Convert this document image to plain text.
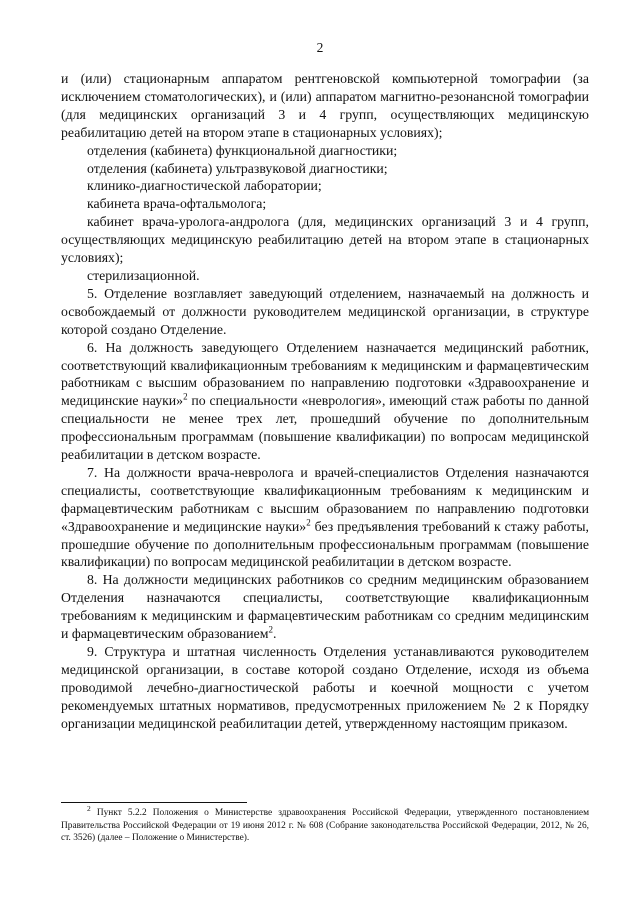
2

и (или) стационарным аппаратом рентгеновской компьютерной томографии (за исключением стоматологических), и (или) аппаратом магнитно-резонансной томографии (для медицинских организаций 3 и 4 групп, осуществляющих медицинскую реабилитацию детей на втором этапе в стационарных условиях);

отделения (кабинета) функциональной диагностики;

отделения (кабинета) ультразвуковой диагностики;

клинико-диагностической лаборатории;

кабинета врача-офтальмолога;

кабинет врача-уролога-андролога (для, медицинских организаций 3 и 4 групп, осуществляющих медицинскую реабилитацию детей на втором этапе в стационарных условиях);

стерилизационной.

5. Отделение возглавляет заведующий отделением, назначаемый на должность и освобождаемый от должности руководителем медицинской организации, в структуре которой создано Отделение.

6. На должность заведующего Отделением назначается медицинский работник, соответствующий квалификационным требованиям к медицинским и фармацевтическим работникам с высшим образованием по направлению подготовки «Здравоохранение и медицинские науки»$^2$ по специальности «неврология», имеющий стаж работы по данной специальности не менее трех лет, прошедший обучение по дополнительным профессиональным программам (повышение квалификации) по вопросам медицинской реабилитации в детском возрасте.

7. На должности врача-невролога и врачей-специалистов Отделения назначаются специалисты, соответствующие квалификационным требованиям к медицинским и фармацевтическим работникам с высшим образованием по направлению подготовки «Здравоохранение и медицинские науки»$^2$ без предъявления требований к стажу работы, прошедшие обучение по дополнительным профессиональным программам (повышение квалификации) по вопросам медицинской реабилитации в детском возрасте.

8. На должности медицинских работников со средним медицинским образованием Отделения назначаются специалисты, соответствующие квалификационным требованиям к медицинским и фармацевтическим работникам со средним медицинским и фармацевтическим образованием$^2$.

9. Структура и штатная численность Отделения устанавливаются руководителем медицинской организации, в составе которой создано Отделение, исходя из объема проводимой лечебно-диагностической работы и коечной мощности с учетом рекомендуемых штатных нормативов, предусмотренных приложением № 2 к Порядку организации медицинской реабилитации детей, утвержденному настоящим приказом.

$^2$ Пункт 5.2.2 Положения о Министерстве здравоохранения Российской Федерации, утвержденного постановлением Правительства Российской Федерации от 19 июня 2012 г. № 608 (Собрание законодательства Российской Федерации, 2012, № 26, ст. 3526) (далее – Положение о Министерстве).
